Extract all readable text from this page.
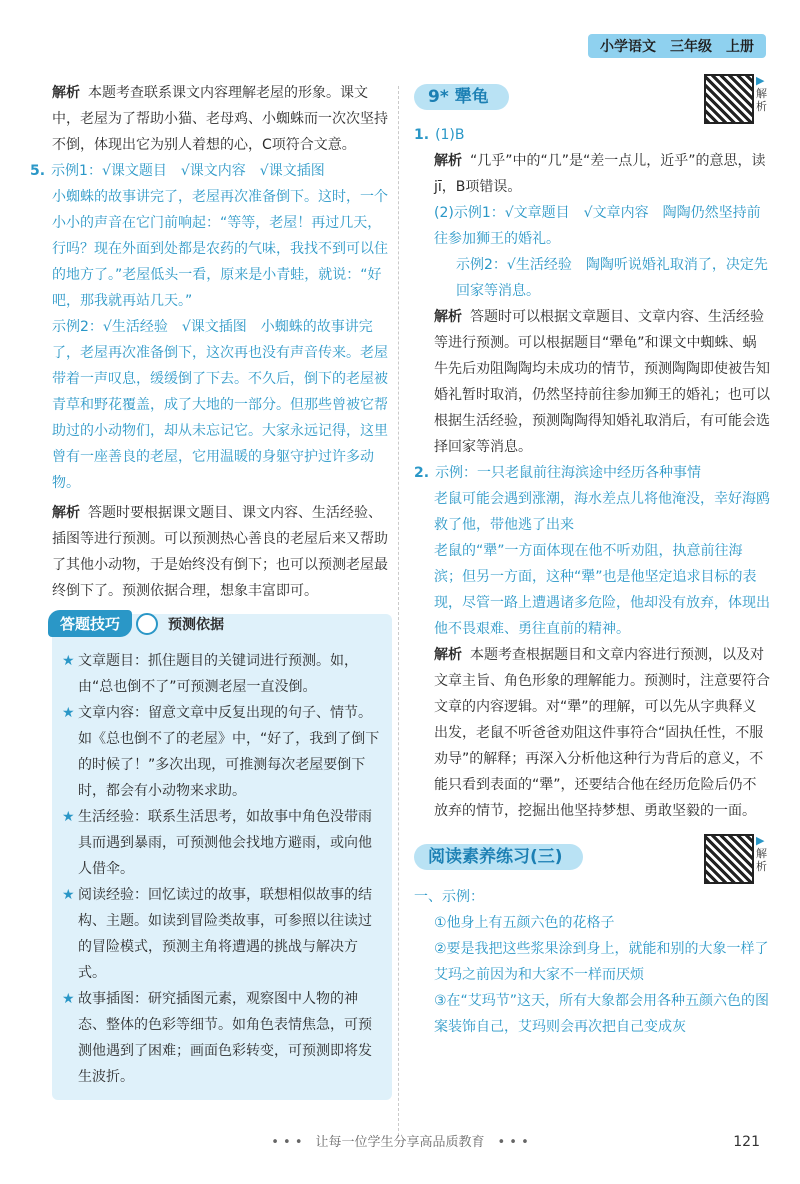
小学语文 三年级 上册

解析 本题考查联系课文内容理解老屋的形象。课文中，老屋为了帮助小猫、老母鸡、小蜘蛛而一次次坚持不倒，体现出它为别人着想的心，C项符合文意。

5. 示例1：√课文题目　√课文内容　√课文插图

小蜘蛛的故事讲完了，老屋再次准备倒下。这时，一个小小的声音在它门前响起：“等等，老屋！再过几天，行吗？现在外面到处都是农药的气味，我找不到可以住的地方了。”老屋低头一看，原来是小青蛙，就说：“好吧，那我就再站几天。”

示例2：√生活经验　√课文插图　小蜘蛛的故事讲完了，老屋再次准备倒下，这次再也没有声音传来。老屋带着一声叹息，缓缓倒了下去。不久后，倒下的老屋被青草和野花覆盖，成了大地的一部分。但那些曾被它帮助过的小动物们，却从未忘记它。大家永远记得，这里曾有一座善良的老屋，它用温暖的身躯守护过许多动物。

解析 答题时要根据课文题目、课文内容、生活经验、插图等进行预测。可以预测热心善良的老屋后来又帮助了其他小动物，于是始终没有倒下；也可以预测老屋最终倒下了。预测依据合理，想象丰富即可。

答题技巧	预测依据
★ 文章题目：抓住题目的关键词进行预测。如，由“总也倒不了”可预测老屋一直没倒。
★ 文章内容：留意文章中反复出现的句子、情节。如《总也倒不了的老屋》中，“好了，我到了倒下的时候了！”多次出现，可推测每次老屋要倒下时，都会有小动物来求助。
★ 生活经验：联系生活思考，如故事中角色没带雨具而遇到暴雨，可预测他会找地方避雨，或向他人借伞。
★ 阅读经验：回忆读过的故事，联想相似故事的结构、主题。如读到冒险类故事，可参照以往读过的冒险模式，预测主角将遭遇的挑战与解决方式。
★ 故事插图：研究插图元素，观察图中人物的神态、整体的色彩等细节。如角色表情焦急，可预测他遇到了困难；画面色彩转变，可预测即将发生波折。
9* 犟龟
▶解析

1. (1)B

解析 “几乎”中的“几”是“差一点儿，近乎”的意思，读jī，B项错误。

(2)示例1：√文章题目　√文章内容　陶陶仍然坚持前往参加狮王的婚礼。

示例2：√生活经验　陶陶听说婚礼取消了，决定先回家等消息。

解析 答题时可以根据文章题目、文章内容、生活经验等进行预测。可以根据题目“犟龟”和课文中蜘蛛、蜗牛先后劝阻陶陶均未成功的情节，预测陶陶即使被告知婚礼暂时取消，仍然坚持前往参加狮王的婚礼；也可以根据生活经验，预测陶陶得知婚礼取消后，有可能会选择回家等消息。

2. 示例：一只老鼠前往海滨途中经历各种事情

老鼠可能会遇到涨潮，海水差点儿将他淹没，幸好海鸥救了他，带他逃了出来

老鼠的“犟”一方面体现在他不听劝阻，执意前往海滨；但另一方面，这种“犟”也是他坚定追求目标的表现，尽管一路上遭遇诸多危险，他却没有放弃，体现出他不畏艰难、勇往直前的精神。

解析 本题考查根据题目和文章内容进行预测，以及对文章主旨、角色形象的理解能力。预测时，注意要符合文章的内容逻辑。对“犟”的理解，可以先从字典释义出发，老鼠不听爸爸劝阻这件事符合“固执任性，不服劝导”的解释；再深入分析他这种行为背后的意义，不能只看到表面的“犟”，还要结合他在经历危险后仍不放弃的情节，挖掘出他坚持梦想、勇敢坚毅的一面。

阅读素养练习(三)
▶解析

一、示例：

①他身上有五颜六色的花格子

②要是我把这些浆果涂到身上，就能和别的大象一样了　艾玛之前因为和大家不一样而厌烦

③在“艾玛节”这天，所有大象都会用各种五颜六色的图案装饰自己，艾玛则会再次把自己变成灰

• • •　让每一位学生分享高品质教育　• • •	121
